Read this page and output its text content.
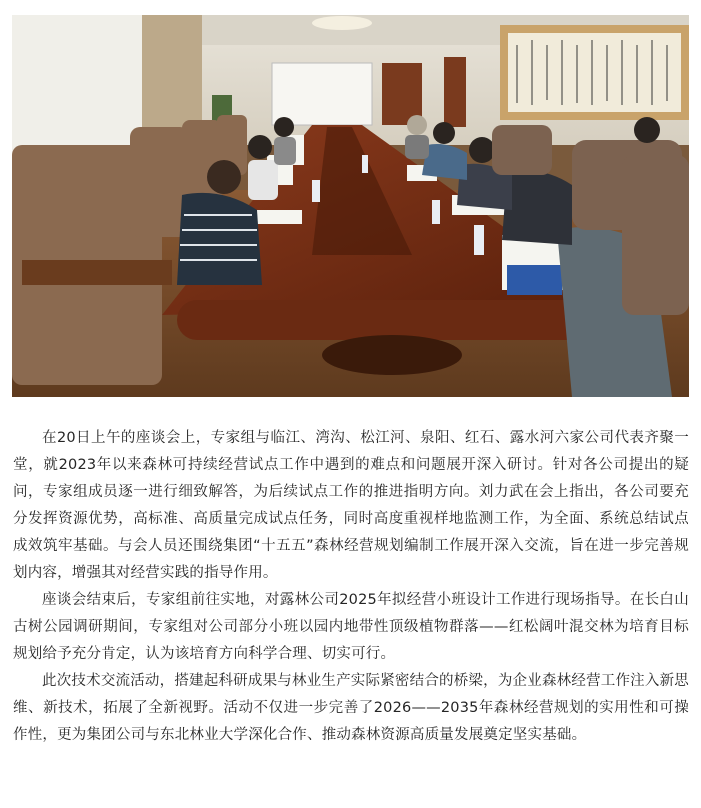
在20日上午的座谈会上，专家组与临江、湾沟、松江河、泉阳、红石、露水河六家公司代表齐聚一堂，就2023年以来森林可持续经营试点工作中遇到的难点和问题展开深入研讨。针对各公司提出的疑问，专家组成员逐一进行细致解答，为后续试点工作的推进指明方向。刘力武在会上指出，各公司要充分发挥资源优势，高标准、高质量完成试点任务，同时高度重视样地监测工作，为全面、系统总结试点成效筑牢基础。与会人员还围绕集团“十五五”森林经营规划编制工作展开深入交流，旨在进一步完善规划内容，增强其对经营实践的指导作用。

座谈会结束后，专家组前往实地，对露林公司2025年拟经营小班设计工作进行现场指导。在长白山古树公园调研期间，专家组对公司部分小班以园内地带性顶级植物群落——红松阔叶混交林为培育目标规划给予充分肯定，认为该培育方向科学合理、切实可行。

此次技术交流活动，搭建起科研成果与林业生产实际紧密结合的桥梁，为企业森林经营工作注入新思维、新技术，拓展了全新视野。活动不仅进一步完善了2026——2035年森林经营规划的实用性和可操作性，更为集团公司与东北林业大学深化合作、推动森林资源高质量发展奠定坚实基础。
